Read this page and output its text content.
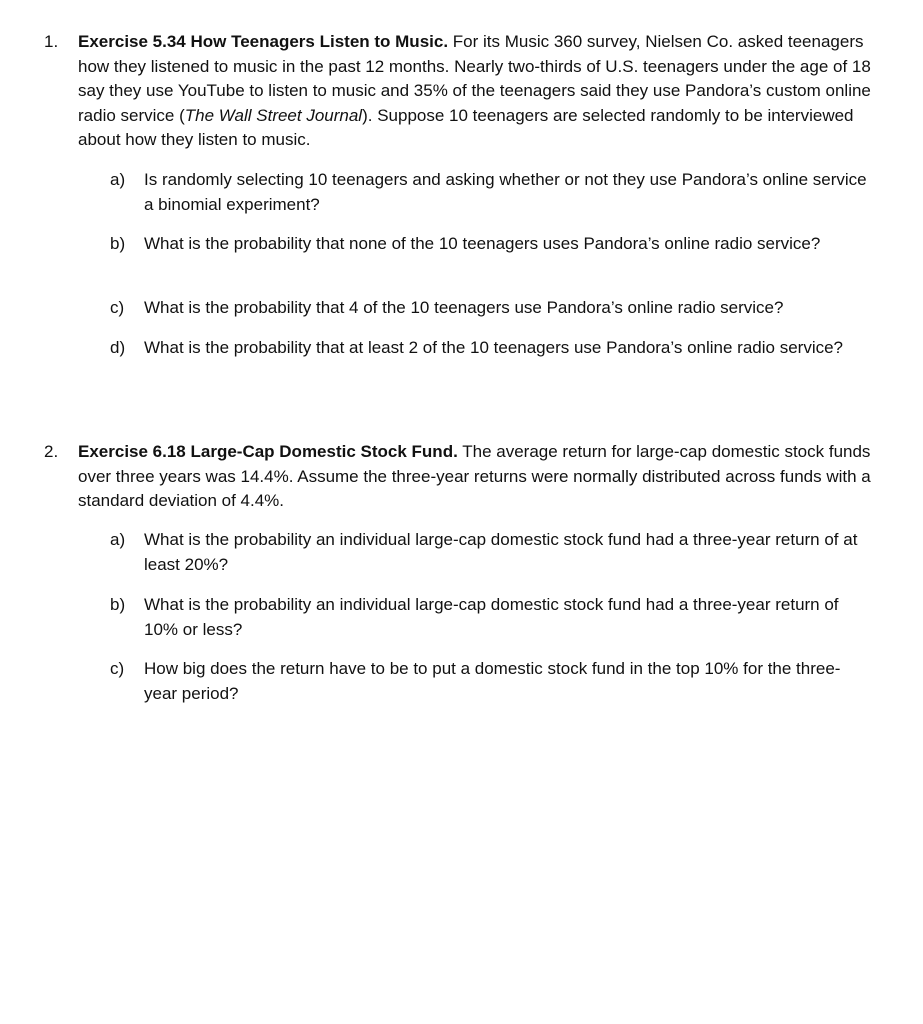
1. Exercise 5.34 How Teenagers Listen to Music. For its Music 360 survey, Nielsen Co. asked teenagers how they listened to music in the past 12 months. Nearly two-thirds of U.S. teenagers under the age of 18 say they use YouTube to listen to music and 35% of the teenagers said they use Pandora’s custom online radio service (The Wall Street Journal). Suppose 10 teenagers are selected randomly to be interviewed about how they listen to music.
a) Is randomly selecting 10 teenagers and asking whether or not they use Pandora’s online service a binomial experiment?
b) What is the probability that none of the 10 teenagers uses Pandora’s online radio service?
c) What is the probability that 4 of the 10 teenagers use Pandora’s online radio service?
d) What is the probability that at least 2 of the 10 teenagers use Pandora’s online radio service?
2. Exercise 6.18 Large-Cap Domestic Stock Fund. The average return for large-cap domestic stock funds over three years was 14.4%. Assume the three-year returns were normally distributed across funds with a standard deviation of 4.4%.
a) What is the probability an individual large-cap domestic stock fund had a three-year return of at least 20%?
b) What is the probability an individual large-cap domestic stock fund had a three-year return of 10% or less?
c) How big does the return have to be to put a domestic stock fund in the top 10% for the three-year period?
